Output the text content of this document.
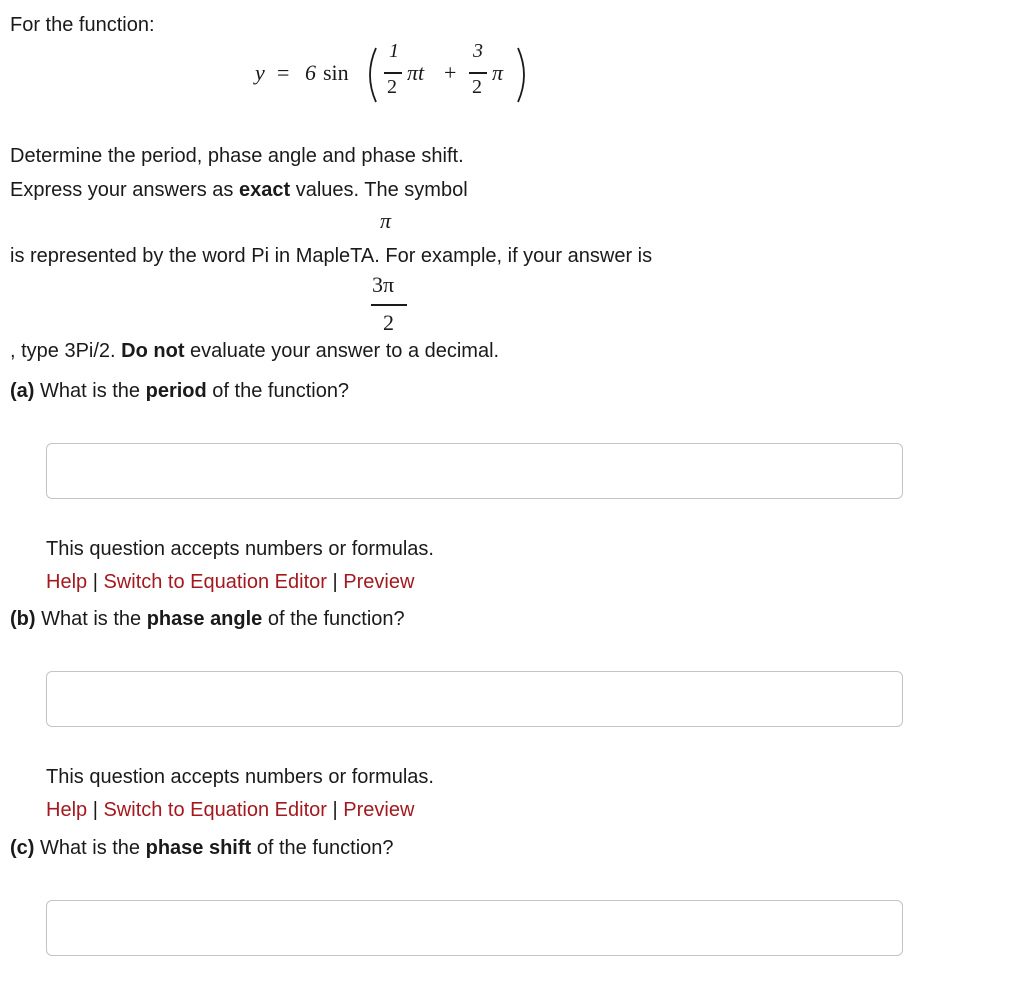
For the function:
y = 6 sin
1
2
πt +
3
2
π
Determine the period, phase angle and phase shift.
Express your answers as exact values. The symbol
π
is represented by the word Pi in MapleTA. For example, if your answer is
3π
2
, type 3Pi/2. Do not evaluate your answer to a decimal.
(a) What is the period of the function?
This question accepts numbers or formulas.
Help | Switch to Equation Editor | Preview
(b) What is the phase angle of the function?
This question accepts numbers or formulas.
Help | Switch to Equation Editor | Preview
(c) What is the phase shift of the function?
